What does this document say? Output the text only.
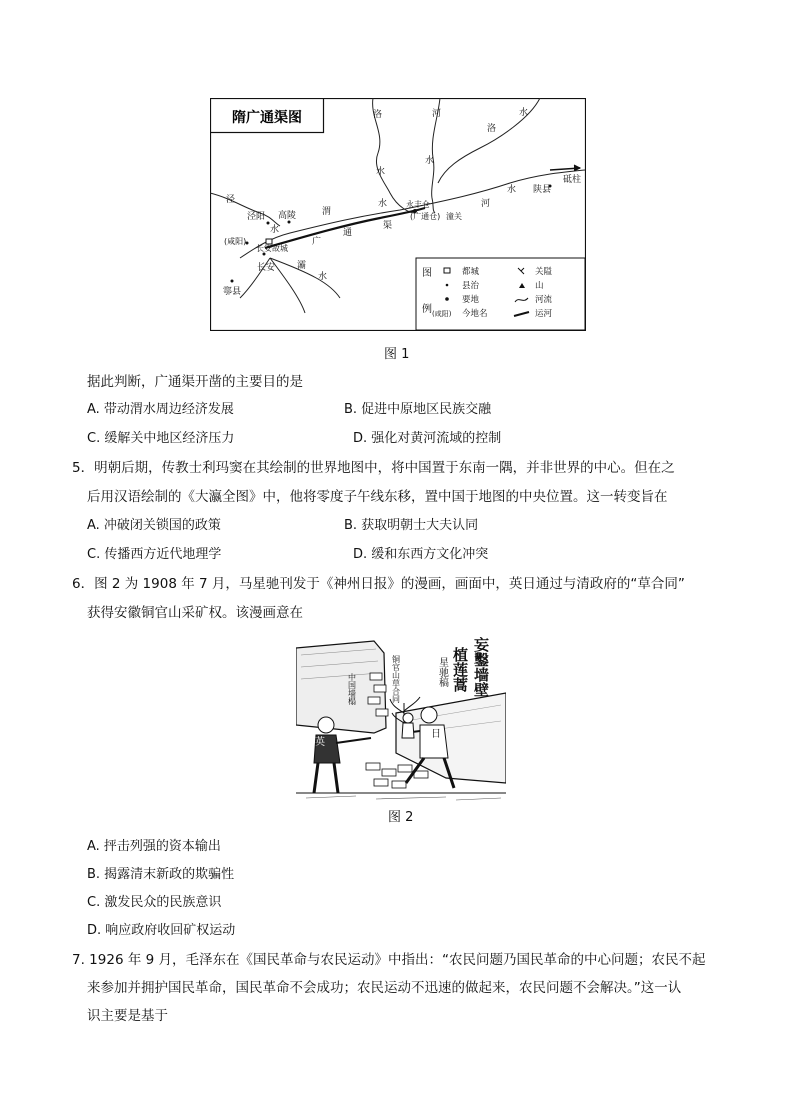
隋广通渠图	洛	河	水
洛
水
水
水
河
泾
泾阳 高陵
水
渭
水
通
渠
广
永丰仓
(广通仓) 潼关
陕县
砥柱
(咸阳)
长安故城
长安 灞
水
鄠县
图
例
都城
县治
要地
(咸阳) 今地名
关隘
山
河流
运河
图 1
据此判断，广通渠开凿的主要目的是
A. 带动渭水周边经济发展	B. 促进中原地区民族交融
C. 缓解关中地区经济压力	D. 强化对黄河流域的控制
5．明朝后期，传教士利玛窦在其绘制的世界地图中，将中国置于东南一隅，并非世界的中心。但在之
后用汉语绘制的《大瀛全图》中，他将零度子午线东移，置中国于地图的中央位置。这一转变旨在
A. 冲破闭关锁国的政策	B. 获取明朝士大夫认同
C. 传播西方近代地理学	D. 缓和东西方文化冲突
6．图 2 为 1908 年 7 月，马星驰刊发于《神州日报》的漫画，画面中，英日通过与清政府的“草合同”
获得安徽铜官山采矿权。该漫画意在
英
日
中国墙榻	铜官山草合同	妄鑿墙壁
植莲蒿
星驰稿
图 2
A. 抨击列强的资本输出
B. 揭露清末新政的欺骗性
C. 激发民众的民族意识
D. 响应政府收回矿权运动
7. 1926 年 9 月，毛泽东在《国民革命与农民运动》中指出：“农民问题乃国民革命的中心问题；农民不起
来参加并拥护国民革命，国民革命不会成功；农民运动不迅速的做起来，农民问题不会解决。”这一认
识主要是基于
